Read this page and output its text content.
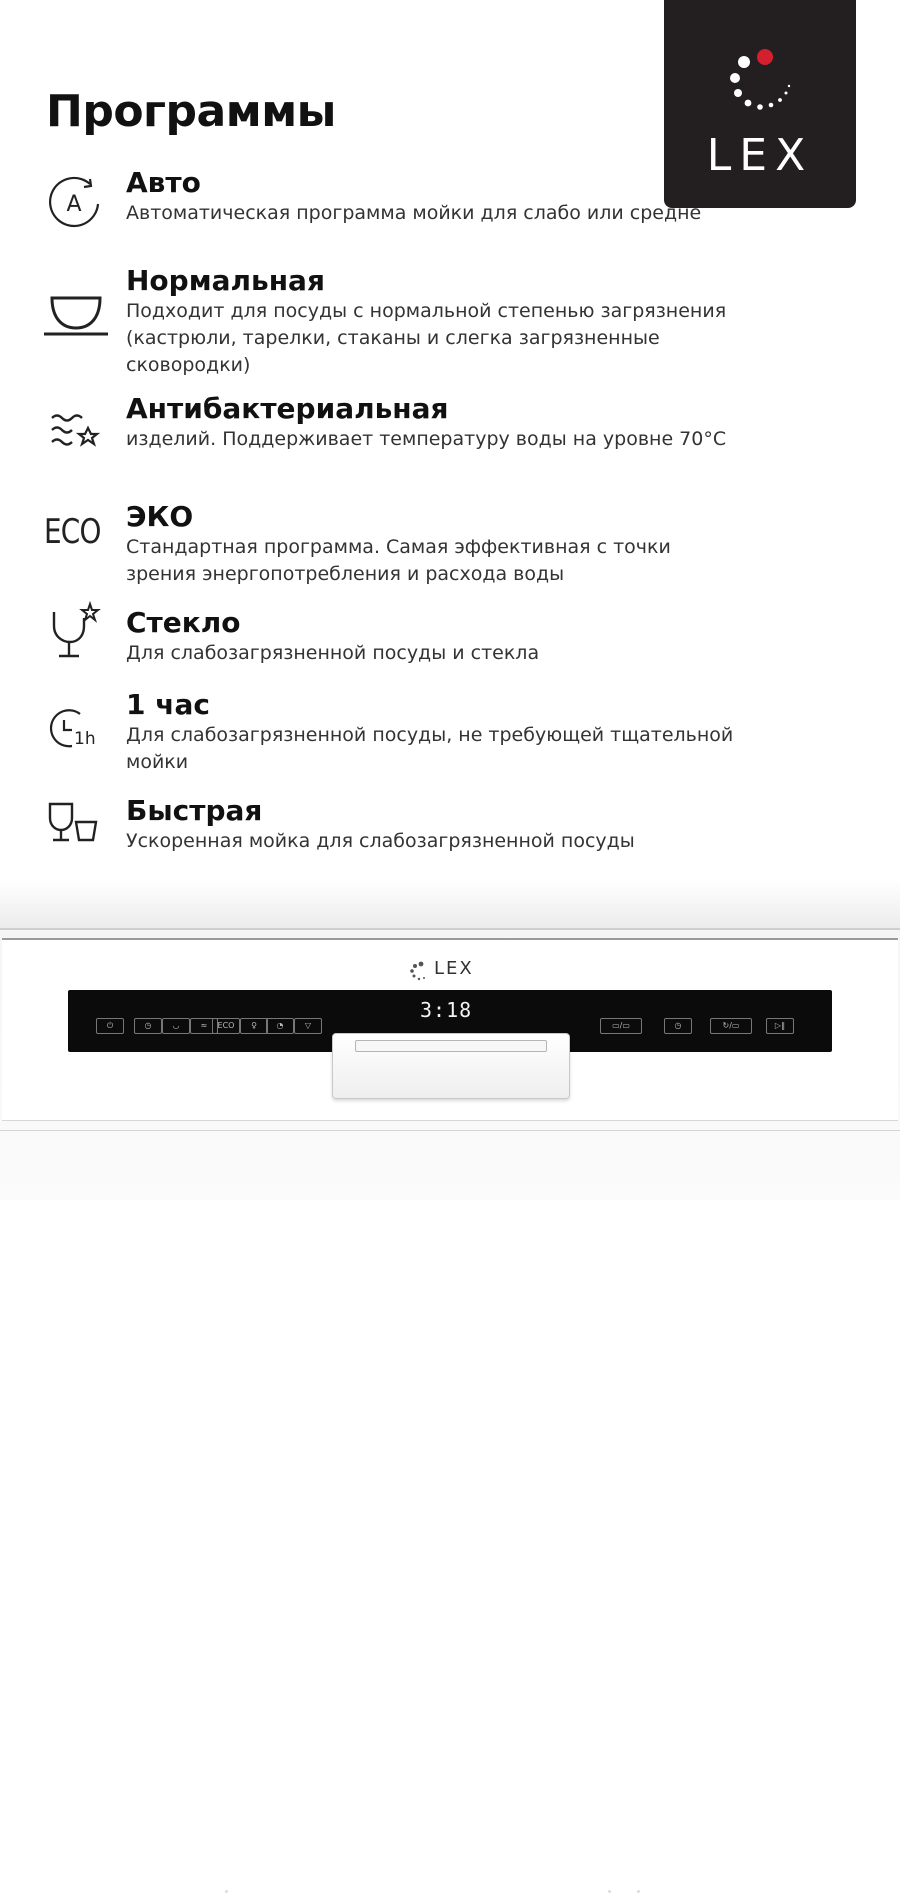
LEX
Программы
A

Авто

Автоматическая программа мойки для слабо или средне

Нормальная

Подходит для посуды с нормальной степенью загрязнения (кастрюли, тарелки, стаканы и слегка загрязненные сковородки)

Антибактериальная

изделий. Поддерживает температуру воды на уровне 70°C

ECO ЭКО

Стандартная программа. Самая эффективная с точки зрения энергопотребления и расхода воды

Стекло

Для слабозагрязненной посуды и стекла

1h

1 час

Для слабозагрязненной посуды, не требующей тщательной мойки

Быстрая

Ускоренная мойка для слабозагрязненной посуды

LEX
3:18
⏻	◷	◡	≈	ECO	♀	◔	▽	▭/▭	◷	↻/▭	▷‖
